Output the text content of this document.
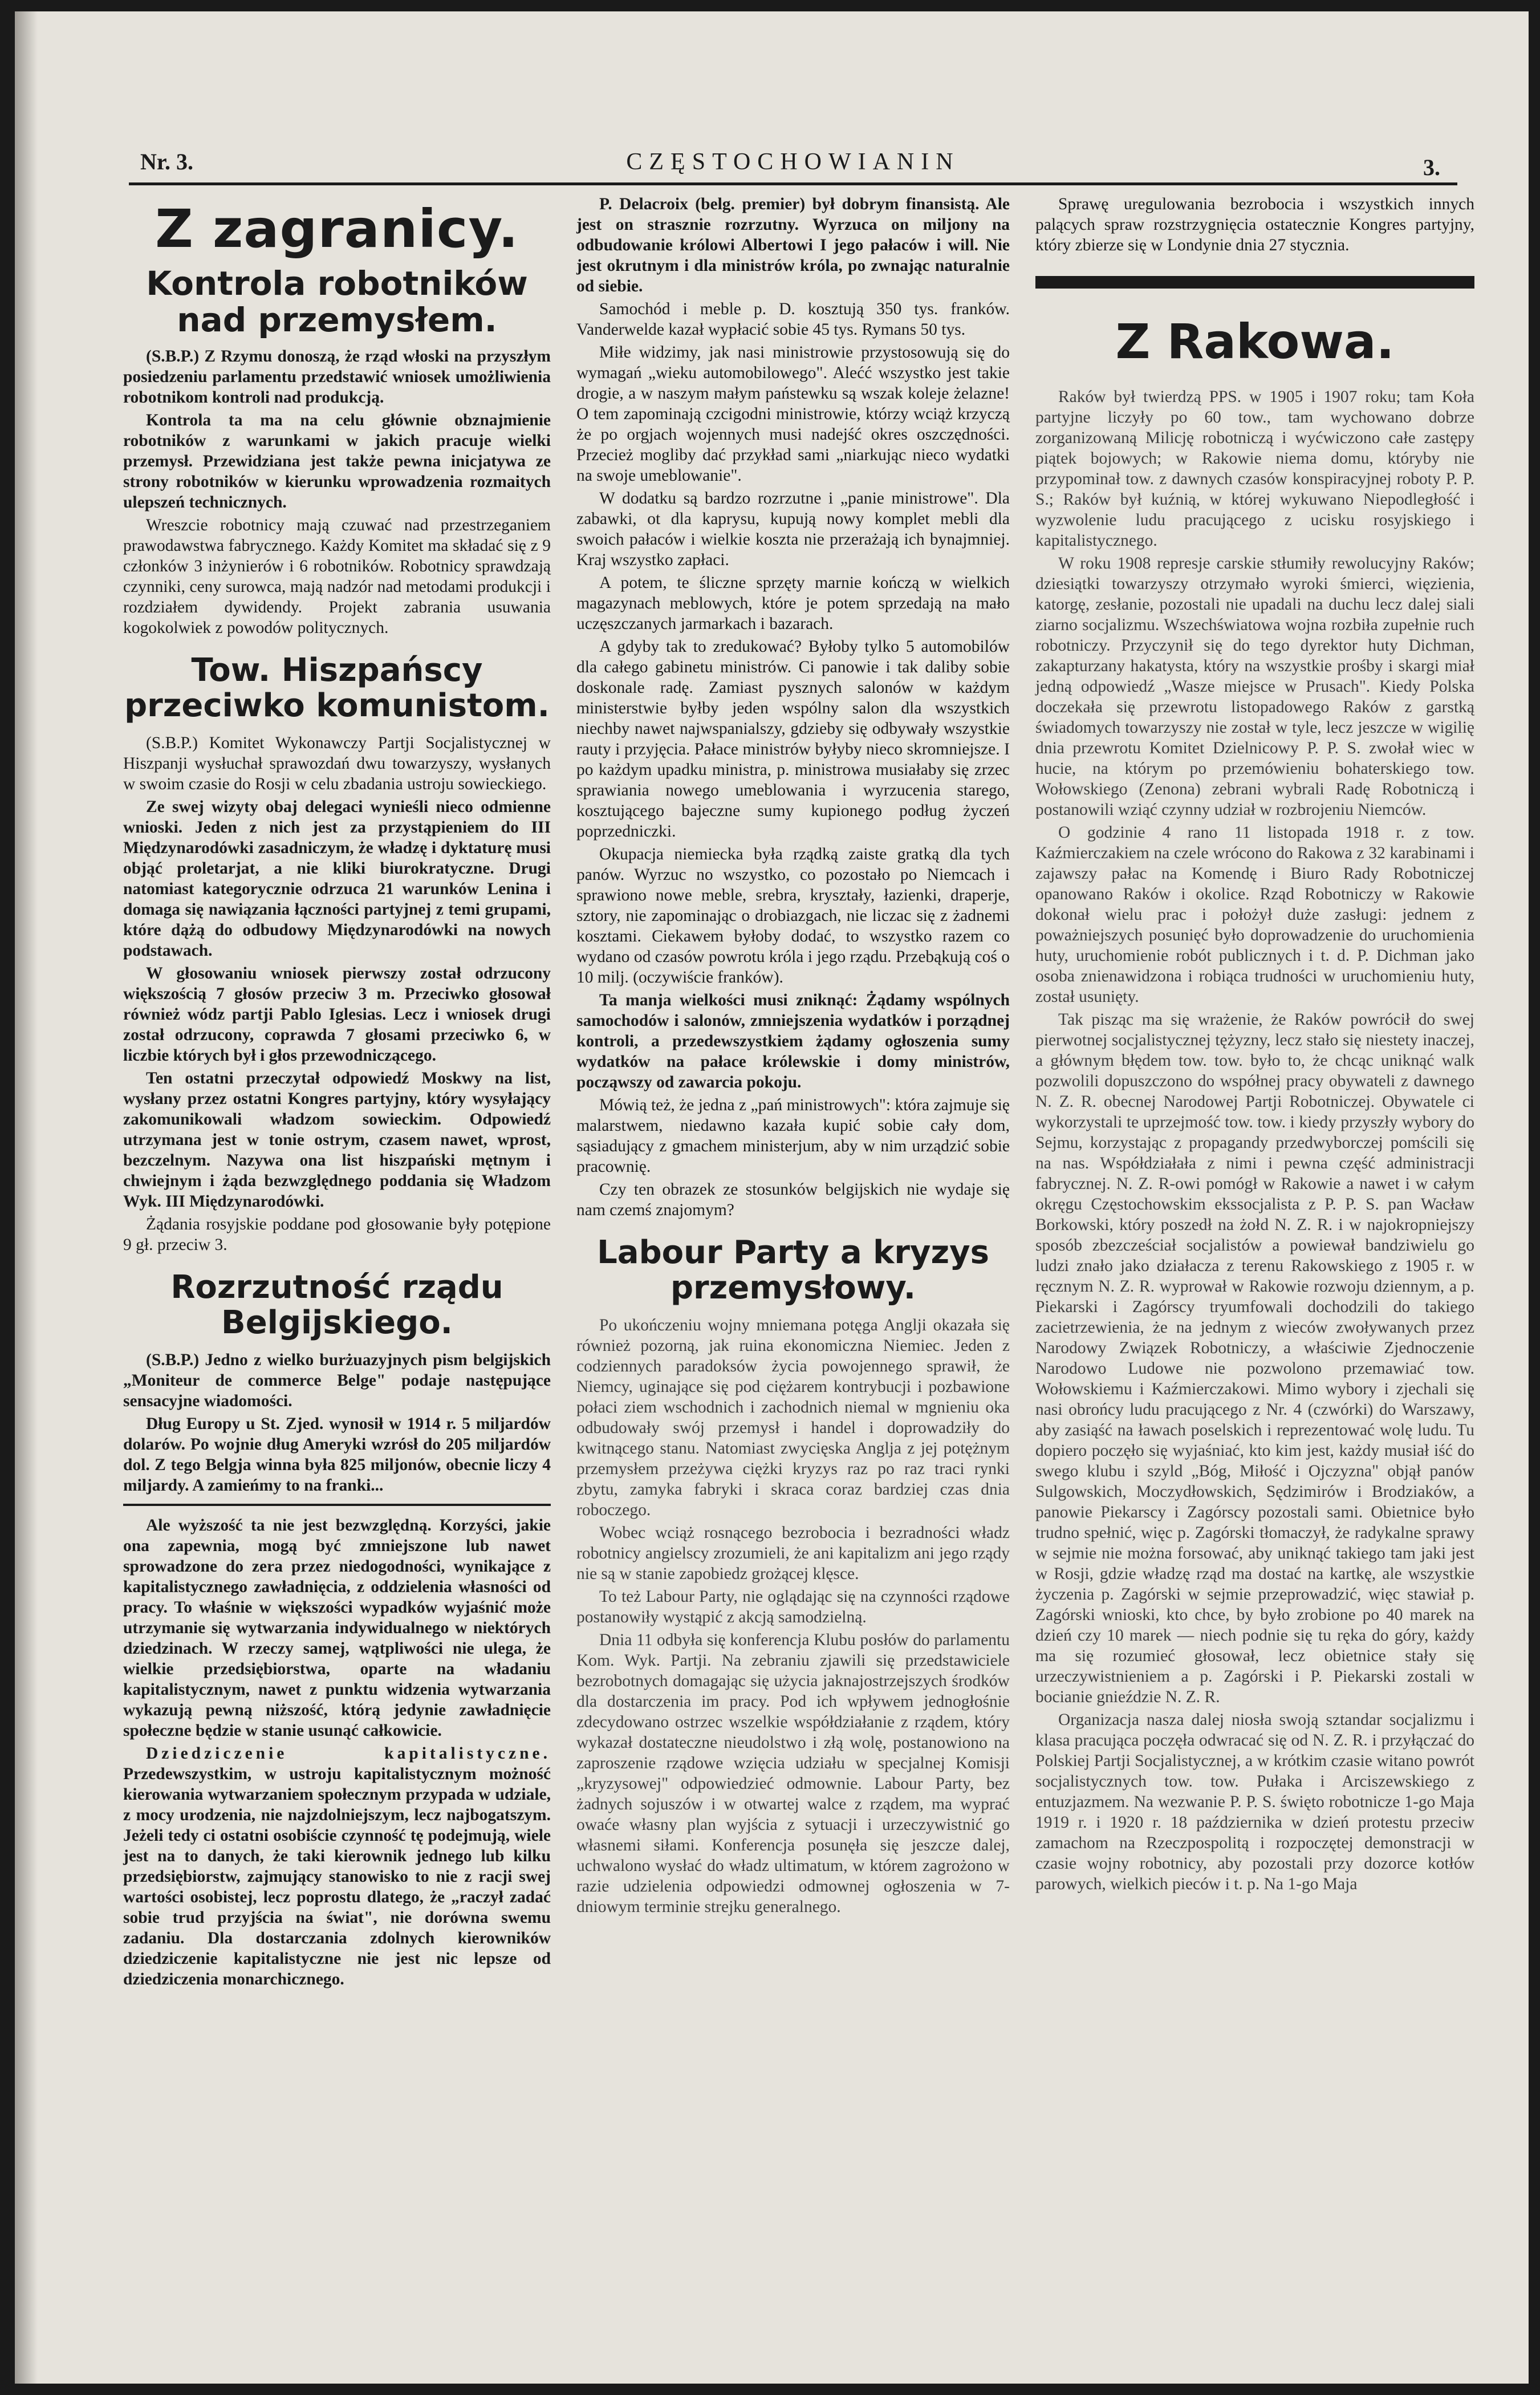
Nr. 3.	CZĘSTOCHOWIANIN	3.
Z zagranicy.
Kontrola robotników nad przemysłem.

(S.B.P.) Z Rzymu donoszą, że rząd włoski na przyszłym posiedzeniu parlamentu przedstawić wniosek umożliwienia robotnikom kontroli nad produkcją.

Kontrola ta ma na celu głównie obznajmienie robotników z warunkami w jakich pracuje wielki przemysł. Przewidziana jest także pewna inicjatywa ze strony robotników w kierunku wprowadzenia rozmaitych ulepszeń technicznych.

Wreszcie robotnicy mają czuwać nad przestrzeganiem prawodawstwa fabrycznego. Każdy Komitet ma składać się z 9 członków 3 inżynierów i 6 robotników. Robotnicy sprawdzają czynniki, ceny surowca, mają nadzór nad metodami produkcji i rozdziałem dywidendy. Projekt zabrania usuwania kogokolwiek z powodów politycznych.

Tow. Hiszpańscy przeciwko komunistom.

(S.B.P.) Komitet Wykonawczy Partji Socjalistycznej w Hiszpanji wysłuchał sprawozdań dwu towarzyszy, wysłanych w swoim czasie do Rosji w celu zbadania ustroju sowieckiego.

Ze swej wizyty obaj delegaci wynieśli nieco odmienne wnioski. Jeden z nich jest za przystąpieniem do III Międzynarodówki zasadniczym, że władzę i dyktaturę musi objąć proletarjat, a nie kliki biurokratyczne. Drugi natomiast kategorycznie odrzuca 21 warunków Lenina i domaga się nawiązania łączności partyjnej z temi grupami, które dążą do odbudowy Międzynarodówki na nowych podstawach.

W głosowaniu wniosek pierwszy został odrzucony większością 7 głosów przeciw 3 m. Przeciwko głosował również wódz partji Pablo Iglesias. Lecz i wniosek drugi został odrzucony, coprawda 7 głosami przeciwko 6, w liczbie których był i głos przewodniczącego.

Ten ostatni przeczytał odpowiedź Moskwy na list, wysłany przez ostatni Kongres partyjny, który wysyłający zakomunikowali władzom sowieckim. Odpowiedź utrzymana jest w tonie ostrym, czasem nawet, wprost, bezczelnym. Nazywa ona list hiszpański mętnym i chwiejnym i żąda bezwzględnego poddania się Władzom Wyk. III Międzynarodówki.

Żądania rosyjskie poddane pod głosowanie były potępione 9 gł. przeciw 3.

Rozrzutność rządu Belgijskiego.

(S.B.P.) Jedno z wielko burżuazyjnych pism belgijskich „Moniteur de commerce Belge" podaje następujące sensacyjne wiadomości.

Dług Europy u St. Zjed. wynosił w 1914 r. 5 miljardów dolarów. Po wojnie dług Ameryki wzrósł do 205 miljardów dol. Z tego Belgja winna była 825 miljonów, obecnie liczy 4 miljardy. A zamieńmy to na franki...

Ale wyższość ta nie jest bezwzględną. Korzyści, jakie ona zapewnia, mogą być zmniejszone lub nawet sprowadzone do zera przez niedogodności, wynikające z kapitalistycznego zawładnięcia, z oddzielenia własności od pracy. To właśnie w większości wypadków wyjaśnić może utrzymanie się wytwarzania indywidualnego w niektórych dziedzinach. W rzeczy samej, wątpliwości nie ulega, że wielkie przedsiębiorstwa, oparte na władaniu kapitalistycznym, nawet z punktu widzenia wytwarzania wykazują pewną niższość, którą jedynie zawładnięcie społeczne będzie w stanie usunąć całkowicie.

Dziedziczenie kapitalistyczne. Przedewszystkim, w ustroju kapitalistycznym możność kierowania wytwarzaniem społecznym przypada w udziale, z mocy urodzenia, nie najzdolniejszym, lecz najbogatszym. Jeżeli tedy ci ostatni osobiście czynność tę podejmują, wiele jest na to danych, że taki kierownik jednego lub kilku przedsiębiorstw, zajmujący stanowisko to nie z racji swej wartości osobistej, lecz poprostu dlatego, że „raczył zadać sobie trud przyjścia na świat", nie dorówna swemu zadaniu. Dla dostarczania zdolnych kierowników dziedziczenie kapitalistyczne nie jest nic lepsze od dziedziczenia monarchicznego.

P. Delacroix (belg. premier) był dobrym finansistą. Ale jest on strasznie rozrzutny. Wyrzuca on miljony na odbudowanie królowi Albertowi I jego pałaców i will. Nie jest okrutnym i dla ministrów króla, po zwnając naturalnie od siebie.

Samochód i meble p. D. kosztują 350 tys. franków. Vanderwelde kazał wypłacić sobie 45 tys. Rymans 50 tys.

Miłe widzimy, jak nasi ministrowie przystosowują się do wymagań „wieku automobilowego". Alećć wszystko jest takie drogie, a w naszym małym państewku są wszak koleje żelazne! O tem zapominają czcigodni ministrowie, którzy wciąż krzyczą że po orgjach wojennych musi nadejść okres oszczędności. Przecież mogliby dać przykład sami „niarkując nieco wydatki na swoje umeblowanie".

W dodatku są bardzo rozrzutne i „panie ministrowe". Dla zabawki, ot dla kaprysu, kupują nowy komplet mebli dla swoich pałaców i wielkie koszta nie przerażają ich bynajmniej. Kraj wszystko zapłaci.

A potem, te śliczne sprzęty marnie kończą w wielkich magazynach meblowych, które je potem sprzedają na mało uczęszczanych jarmarkach i bazarach.

A gdyby tak to zredukować? Byłoby tylko 5 automobilów dla całego gabinetu ministrów. Ci panowie i tak daliby sobie doskonale radę. Zamiast pysznych salonów w każdym ministerstwie byłby jeden wspólny salon dla wszystkich niechby nawet najwspanialszy, gdzieby się odbywały wszystkie rauty i przyjęcia. Pałace ministrów byłyby nieco skromniejsze. I po każdym upadku ministra, p. ministrowa musiałaby się zrzec sprawiania nowego umeblowania i wyrzucenia starego, kosztującego bajeczne sumy kupionego podług życzeń poprzedniczki.

Okupacja niemiecka była rządką zaiste gratką dla tych panów. Wyrzuc no wszystko, co pozostało po Niemcach i sprawiono nowe meble, srebra, kryształy, łazienki, draperje, sztory, nie zapominając o drobiazgach, nie liczac się z żadnemi kosztami. Ciekawem byłoby dodać, to wszystko razem co wydano od czasów powrotu króla i jego rządu. Przebąkują coś o 10 milj. (oczywiście franków).

Ta manja wielkości musi zniknąć: Żądamy wspólnych samochodów i salonów, zmniejszenia wydatków i porządnej kontroli, a przedewszystkiem żądamy ogłoszenia sumy wydatków na pałace królewskie i domy ministrów, począwszy od zawarcia pokoju.

Mówią też, że jedna z „pań ministrowych": która zajmuje się malarstwem, niedawno kazała kupić sobie cały dom, sąsiadujący z gmachem ministerjum, aby w nim urządzić sobie pracownię.

Czy ten obrazek ze stosunków belgijskich nie wydaje się nam czemś znajomym?

Labour Party a kryzys przemysłowy.

Po ukończeniu wojny mniemana potęga Anglji okazała się również pozorną, jak ruina ekonomiczna Niemiec. Jeden z codziennych paradoksów życia powojennego sprawił, że Niemcy, uginające się pod ciężarem kontrybucji i pozbawione połaci ziem wschodnich i zachodnich niemal w mgnieniu oka odbudowały swój przemysł i handel i doprowadziły do kwitnącego stanu. Natomiast zwycięska Anglja z jej potężnym przemysłem przeżywa ciężki kryzys raz po raz traci rynki zbytu, zamyka fabryki i skraca coraz bardziej czas dnia roboczego.

Wobec wciąż rosnącego bezrobocia i bezradności władz robotnicy angielscy zrozumieli, że ani kapitalizm ani jego rządy nie są w stanie zapobiedz grożącej klęsce.

To też Labour Party, nie oglądając się na czynności rządowe postanowiły wystąpić z akcją samodzielną.

Dnia 11 odbyła się konferencja Klubu posłów do parlamentu Kom. Wyk. Partji. Na zebraniu zjawili się przedstawiciele bezrobotnych domagając się użycia jaknajostrzejszych środków dla dostarczenia im pracy. Pod ich wpływem jednogłośnie zdecydowano ostrzec wszelkie współdziałanie z rządem, który wykazał dostateczne nieudolstwo i złą wolę, postanowiono na zaproszenie rządowe wzięcia udziału w specjalnej Komisji „kryzysowej" odpowiedzieć odmownie. Labour Party, bez żadnych sojuszów i w otwartej walce z rządem, ma wyprać owaće własny plan wyjścia z sytuacji i urzeczywistnić go własnemi siłami. Konferencja posunęła się jeszcze dalej, uchwalono wysłać do władz ultimatum, w którem zagrożono w razie udzielenia odpowiedzi odmownej ogłoszenia w 7-dniowym terminie strejku generalnego.

Sprawę uregulowania bezrobocia i wszystkich innych palących spraw rozstrzygnięcia ostatecznie Kongres partyjny, który zbierze się w Londynie dnia 27 stycznia.

Z Rakowa.

Raków był twierdzą PPS. w 1905 i 1907 roku; tam Koła partyjne liczyły po 60 tow., tam wychowano dobrze zorganizowaną Milicję robotniczą i wyćwiczono całe zastępy piątek bojowych; w Rakowie niema domu, któryby nie przypominał tow. z dawnych czasów konspiracyjnej roboty P. P. S.; Raków był kuźnią, w której wykuwano Niepodległość i wyzwolenie ludu pracującego z ucisku rosyjskiego i kapitalistycznego.

W roku 1908 represje carskie stłumiły rewolucyjny Raków; dziesiątki towarzyszy otrzymało wyroki śmierci, więzienia, katorgę, zesłanie, pozostali nie upadali na duchu lecz dalej siali ziarno socjalizmu. Wszechświatowa wojna rozbiła zupełnie ruch robotniczy. Przyczynił się do tego dyrektor huty Dichman, zakapturzany hakatysta, który na wszystkie prośby i skargi miał jedną odpowiedź „Wasze miejsce w Prusach". Kiedy Polska doczekała się przewrotu listopadowego Raków z garstką świadomych towarzyszy nie został w tyle, lecz jeszcze w wigilię dnia przewrotu Komitet Dzielnicowy P. P. S. zwołał wiec w hucie, na którym po przemówieniu bohaterskiego tow. Wołowskiego (Zenona) zebrani wybrali Radę Robotniczą i postanowili wziąć czynny udział w rozbrojeniu Niemców.

O godzinie 4 rano 11 listopada 1918 r. z tow. Kaźmierczakiem na czele wrócono do Rakowa z 32 karabinami i zajawszy pałac na Komendę i Biuro Rady Robotniczej opanowano Raków i okolice. Rząd Robotniczy w Rakowie dokonał wielu prac i położył duże zasługi: jednem z poważniejszych posunięć było doprowadzenie do uruchomienia huty, uruchomienie robót publicznych i t. d. P. Dichman jako osoba znienawidzona i robiąca trudności w uruchomieniu huty, został usunięty.

Tak pisząc ma się wrażenie, że Raków powrócił do swej pierwotnej socjalistycznej tężyzny, lecz stało się niestety inaczej, a głównym błędem tow. tow. było to, że chcąc uniknąć walk pozwolili dopuszczono do współnej pracy obywateli z dawnego N. Z. R. obecnej Narodowej Partji Robotniczej. Obywatele ci wykorzystali te uprzejmość tow. tow. i kiedy przyszły wybory do Sejmu, korzystając z propagandy przedwyborczej pomścili się na nas. Współdziałała z nimi i pewna część administracji fabrycznej. N. Z. R-owi pomógł w Rakowie a nawet i w całym okręgu Częstochowskim ekssocjalista z P. P. S. pan Wacław Borkowski, który poszedł na żołd N. Z. R. i w najokropniejszy sposób zbezcześciał socjalistów a powiewał bandziwielu go ludzi znało jako działacza z terenu Rakowskiego z 1905 r. w ręcznym N. Z. R. wyprował w Rakowie rozwoju dziennym, a p. Piekarski i Zagórscy tryumfowali dochodzili do takiego zacietrzewienia, że na jednym z wieców zwoływanych przez Narodowy Związek Robotniczy, a właściwie Zjednoczenie Narodowo Ludowe nie pozwolono przemawiać tow. Wołowskiemu i Kaźmierczakowi. Mimo wybory i zjechali się nasi obrońcy ludu pracującego z Nr. 4 (czwórki) do Warszawy, aby zasiąść na ławach poselskich i reprezentować wolę ludu. Tu dopiero poczęło się wyjaśniać, kto kim jest, każdy musiał iść do swego klubu i szyld „Bóg, Miłość i Ojczyzna" objął panów Sulgowskich, Moczydłowskich, Sędzimirów i Brodziaków, a panowie Piekarscy i Zagórscy pozostali sami. Obietnice było trudno spełnić, więc p. Zagórski tłomaczył, że radykalne sprawy w sejmie nie można forsować, aby uniknąć takiego tam jaki jest w Rosji, gdzie władzę rząd ma dostać na kartkę, ale wszystkie życzenia p. Zagórski w sejmie przeprowadzić, więc stawiał p. Zagórski wnioski, kto chce, by było zrobione po 40 marek na dzień czy 10 marek — niech podnie się tu ręka do góry, każdy ma się rozumieć głosował, lecz obietnice stały się urzeczywistnieniem a p. Zagórski i P. Piekarski zostali w bocianie gnieździe N. Z. R.

Organizacja nasza dalej niosła swoją sztandar socjalizmu i klasa pracująca poczęła odwracać się od N. Z. R. i przyłączać do Polskiej Partji Socjalistycznej, a w krótkim czasie witano powrót socjalistycznych tow. tow. Pułaka i Arciszewskiego z entuzjazmem. Na wezwanie P. P. S. święto robotnicze 1-go Maja 1919 r. i 1920 r. 18 października w dzień protestu przeciw zamachom na Rzeczpospolitą i rozpoczętej demonstracji w czasie wojny robotnicy, aby pozostali przy dozorce kotłów parowych, wielkich pieców i t. p. Na 1-go Maja
